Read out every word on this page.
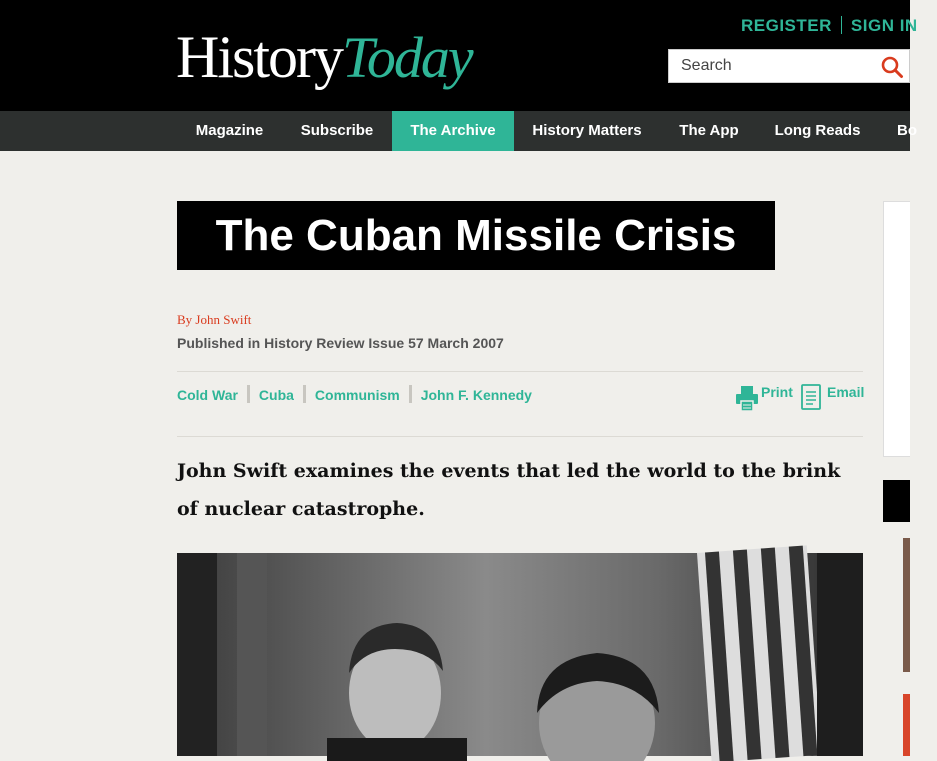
HistoryToday	REGISTER SIGN IN
Search
Magazine	Subscribe	The Archive	History Matters	The App	Long Reads	Bo
The Cuban Missile Crisis
By John Swift
Published in History Review Issue 57 March 2007
Cold War Cuba Communism John F. Kennedy	Print Email

John Swift examines the events that led the world to the brink of nuclear catastrophe.
